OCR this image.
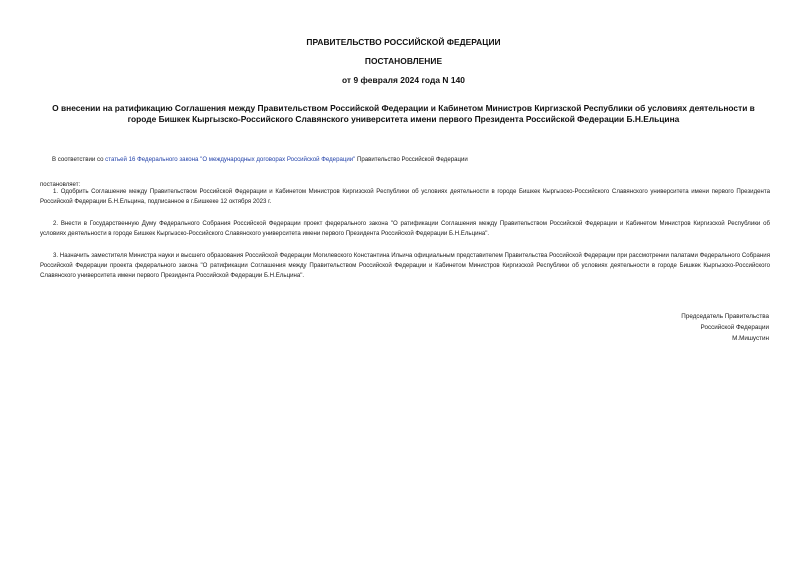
ПРАВИТЕЛЬСТВО РОССИЙСКОЙ ФЕДЕРАЦИИ
ПОСТАНОВЛЕНИЕ
от 9 февраля 2024 года N 140
О внесении на ратификацию Соглашения между Правительством Российской Федерации и Кабинетом Министров Киргизской Республики об условиях деятельности в городе Бишкек Кыргызско-Российского Славянского университета имени первого Президента Российской Федерации Б.Н.Ельцина
В соответствии со статьей 16 Федерального закона "О международных договорах Российской Федерации" Правительство Российской Федерации
постановляет:
1. Одобрить Соглашение между Правительством Российской Федерации и Кабинетом Министров Киргизской Республики об условиях деятельности в городе Бишкек Кыргызско-Российского Славянского университета имени первого Президента Российской Федерации Б.Н.Ельцина, подписанное в г.Бишкеке 12 октября 2023 г.
2. Внести в Государственную Думу Федерального Собрания Российской Федерации проект федерального закона "О ратификации Соглашения между Правительством Российской Федерации и Кабинетом Министров Киргизской Республики об условиях деятельности в городе Бишкек Кыргызско-Российского Славянского университета имени первого Президента Российской Федерации Б.Н.Ельцина".
3. Назначить заместителя Министра науки и высшего образования Российской Федерации Могилевского Константина Ильича официальным представителем Правительства Российской Федерации при рассмотрении палатами Федерального Собрания Российской Федерации проекта федерального закона "О ратификации Соглашения между Правительством Российской Федерации и Кабинетом Министров Киргизской Республики об условиях деятельности в городе Бишкек Кыргызско-Российского Славянского университета имени первого Президента Российской Федерации Б.Н.Ельцина".
Председатель Правительства
Российской Федерации
М.Мишустин
